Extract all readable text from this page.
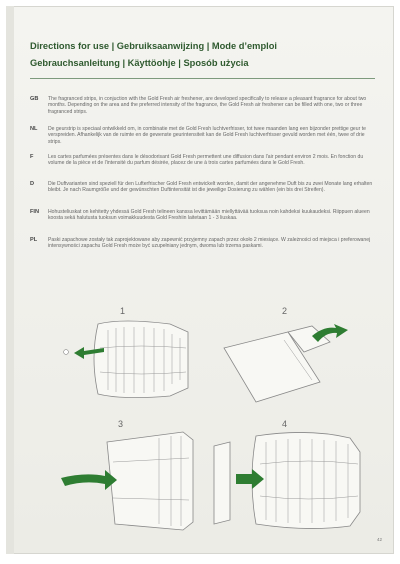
Directions for use | Gebruiksaanwijzing | Mode d’emploi
Gebrauchsanleitung | Käyttöohje | Sposób użycia
GB The fragranced strips, in conjuction with the Gold Fresh air freshener, are developed specifically to release a pleasant fragrance for about two months. Depending on the area and the preferred intensity of the fragrance, the Gold Fresh air freshener can be filled with one, two or three fragranced strips.
NL De geurstrip is speciaal ontwikkeld om, in combinatie met de Gold Fresh luchtverfrisser, tot twee maanden lang een bijzonder prettige geur te verspreiden. Afhankelijk van de ruimte en de gewenste geurintensiteit kan de Gold Fresh luchtverfrisser gevuld worden met één, twee of drie strips.
F	Les cartes parfumées présentes dans le désodorisant Gold Fresh permettent une diffusion dans l'air pendant environ 2 mois. En fonction du volume de la pièce et de l'intensité du parfum désirée, placez de une à trois cartes parfumées dans le Gold Fresh.
D	Die Duftvarianten sind speziell für den Lufterfrischer Gold Fresh entwickelt worden, damit der angenehme Duft bis zu zwei Monate lang erhalten bleibt. Je nach Raumgröße und der gewünschten Duftintensität ist die jeweilige Dosierung zu wählen (ein bis drei Streifen).
FIN Hohusteliuskat on kehitetty yhdessä Gold Fresh telineen kanssa levittämään miellyttävää tuoksua noin kahdeksi kuukaudeksi. Riippuen alueen koosta sekä halutusta tuoksun voimakkuudesta Gold Freshiin laitetaan 1 - 3 liuskaa.
PL Paski zapachowe zostały tak zaprojektowane aby zapewnić przyjemny zapach przez około 2 miesiące. W zależności od miejsca i preferowanej intensywności zapachu Gold Fresh może być uzupełniany jednym, dwoma lub trzema paskami.
1	2
3	4
42
